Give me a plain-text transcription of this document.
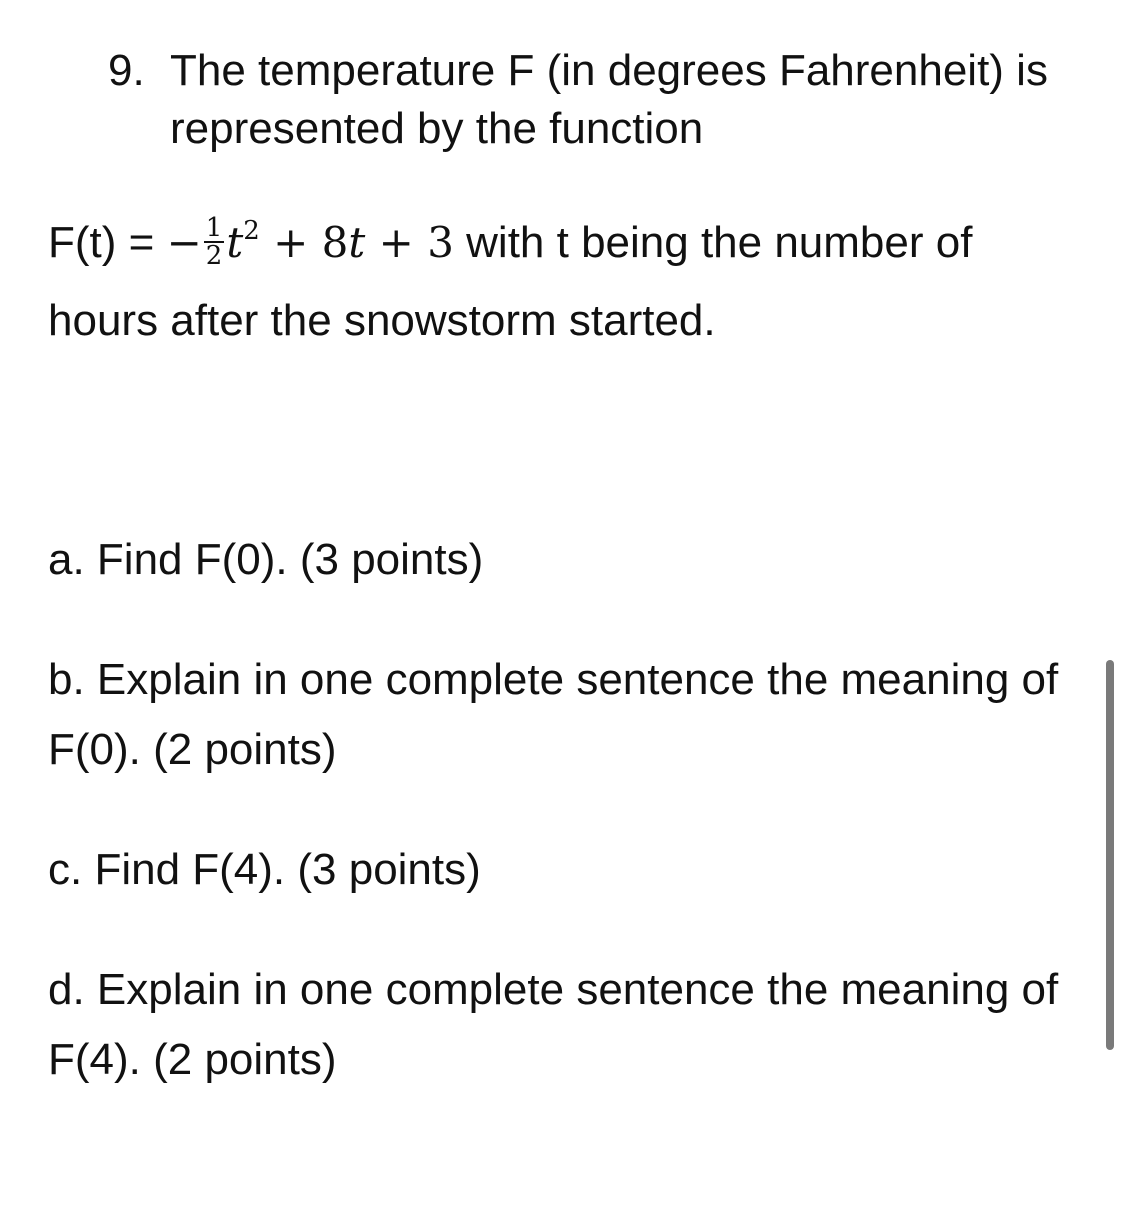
9. The temperature F (in degrees Fahrenheit) is represented by the function
F(t) = − $\frac{1}{2} t^2 + 8t + 3$ with t being the number of
hours after the snowstorm started.
a. Find F(0). (3 points)
b. Explain in one complete sentence the meaning of F(0). (2 points)
c. Find F(4). (3 points)
d. Explain in one complete sentence the meaning of F(4). (2 points)
